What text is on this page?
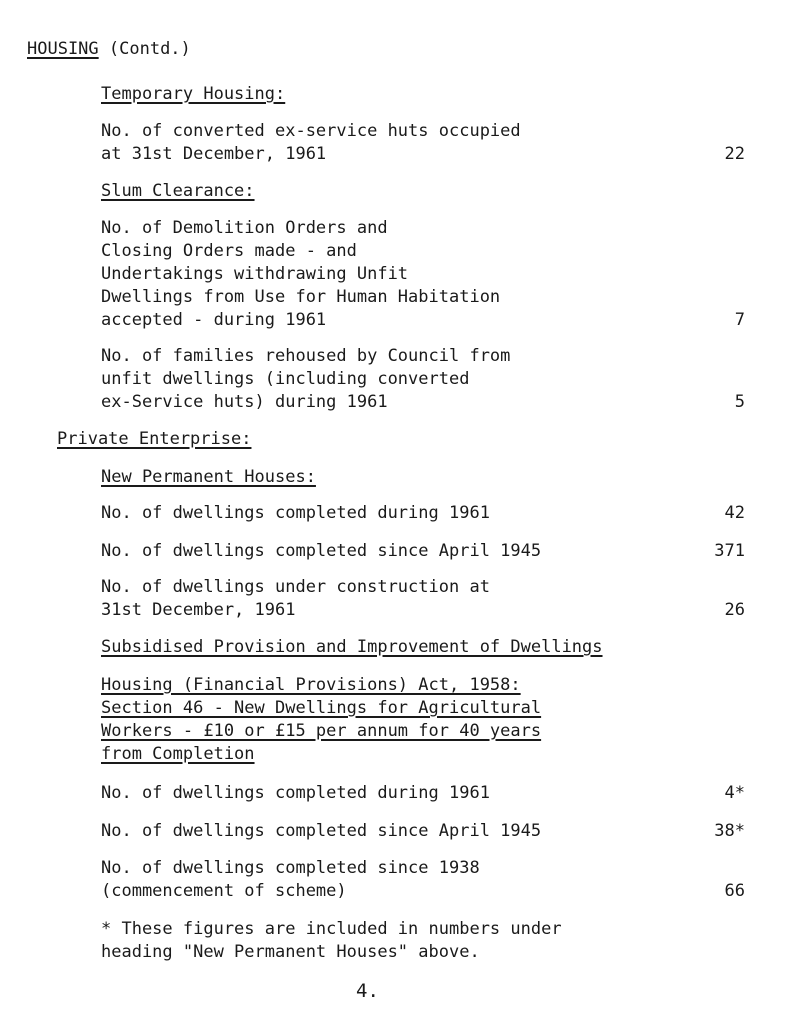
HOUSING (Contd.)
Temporary Housing:
No. of converted ex-service huts occupied
at 31st December, 1961	22
Slum Clearance:
No. of Demolition Orders and
Closing Orders made - and
Undertakings withdrawing Unfit
Dwellings from Use for Human Habitation
accepted - during 1961	7
No. of families rehoused by Council from
unfit dwellings (including converted
ex-Service huts) during 1961	5
Private Enterprise:
New Permanent Houses:
No. of dwellings completed during 1961	42
No. of dwellings completed since April 1945	371
No. of dwellings under construction at
31st December, 1961	26
Subsidised Provision and Improvement of Dwellings
Housing (Financial Provisions) Act, 1958:
Section 46 - New Dwellings for Agricultural
Workers - £10 or £15 per annum for 40 years
from Completion
No. of dwellings completed during 1961	4*
No. of dwellings completed since April 1945	38*
No. of dwellings completed since 1938
(commencement of scheme)	66
* These figures are included in numbers under
heading "New Permanent Houses" above.
4.
